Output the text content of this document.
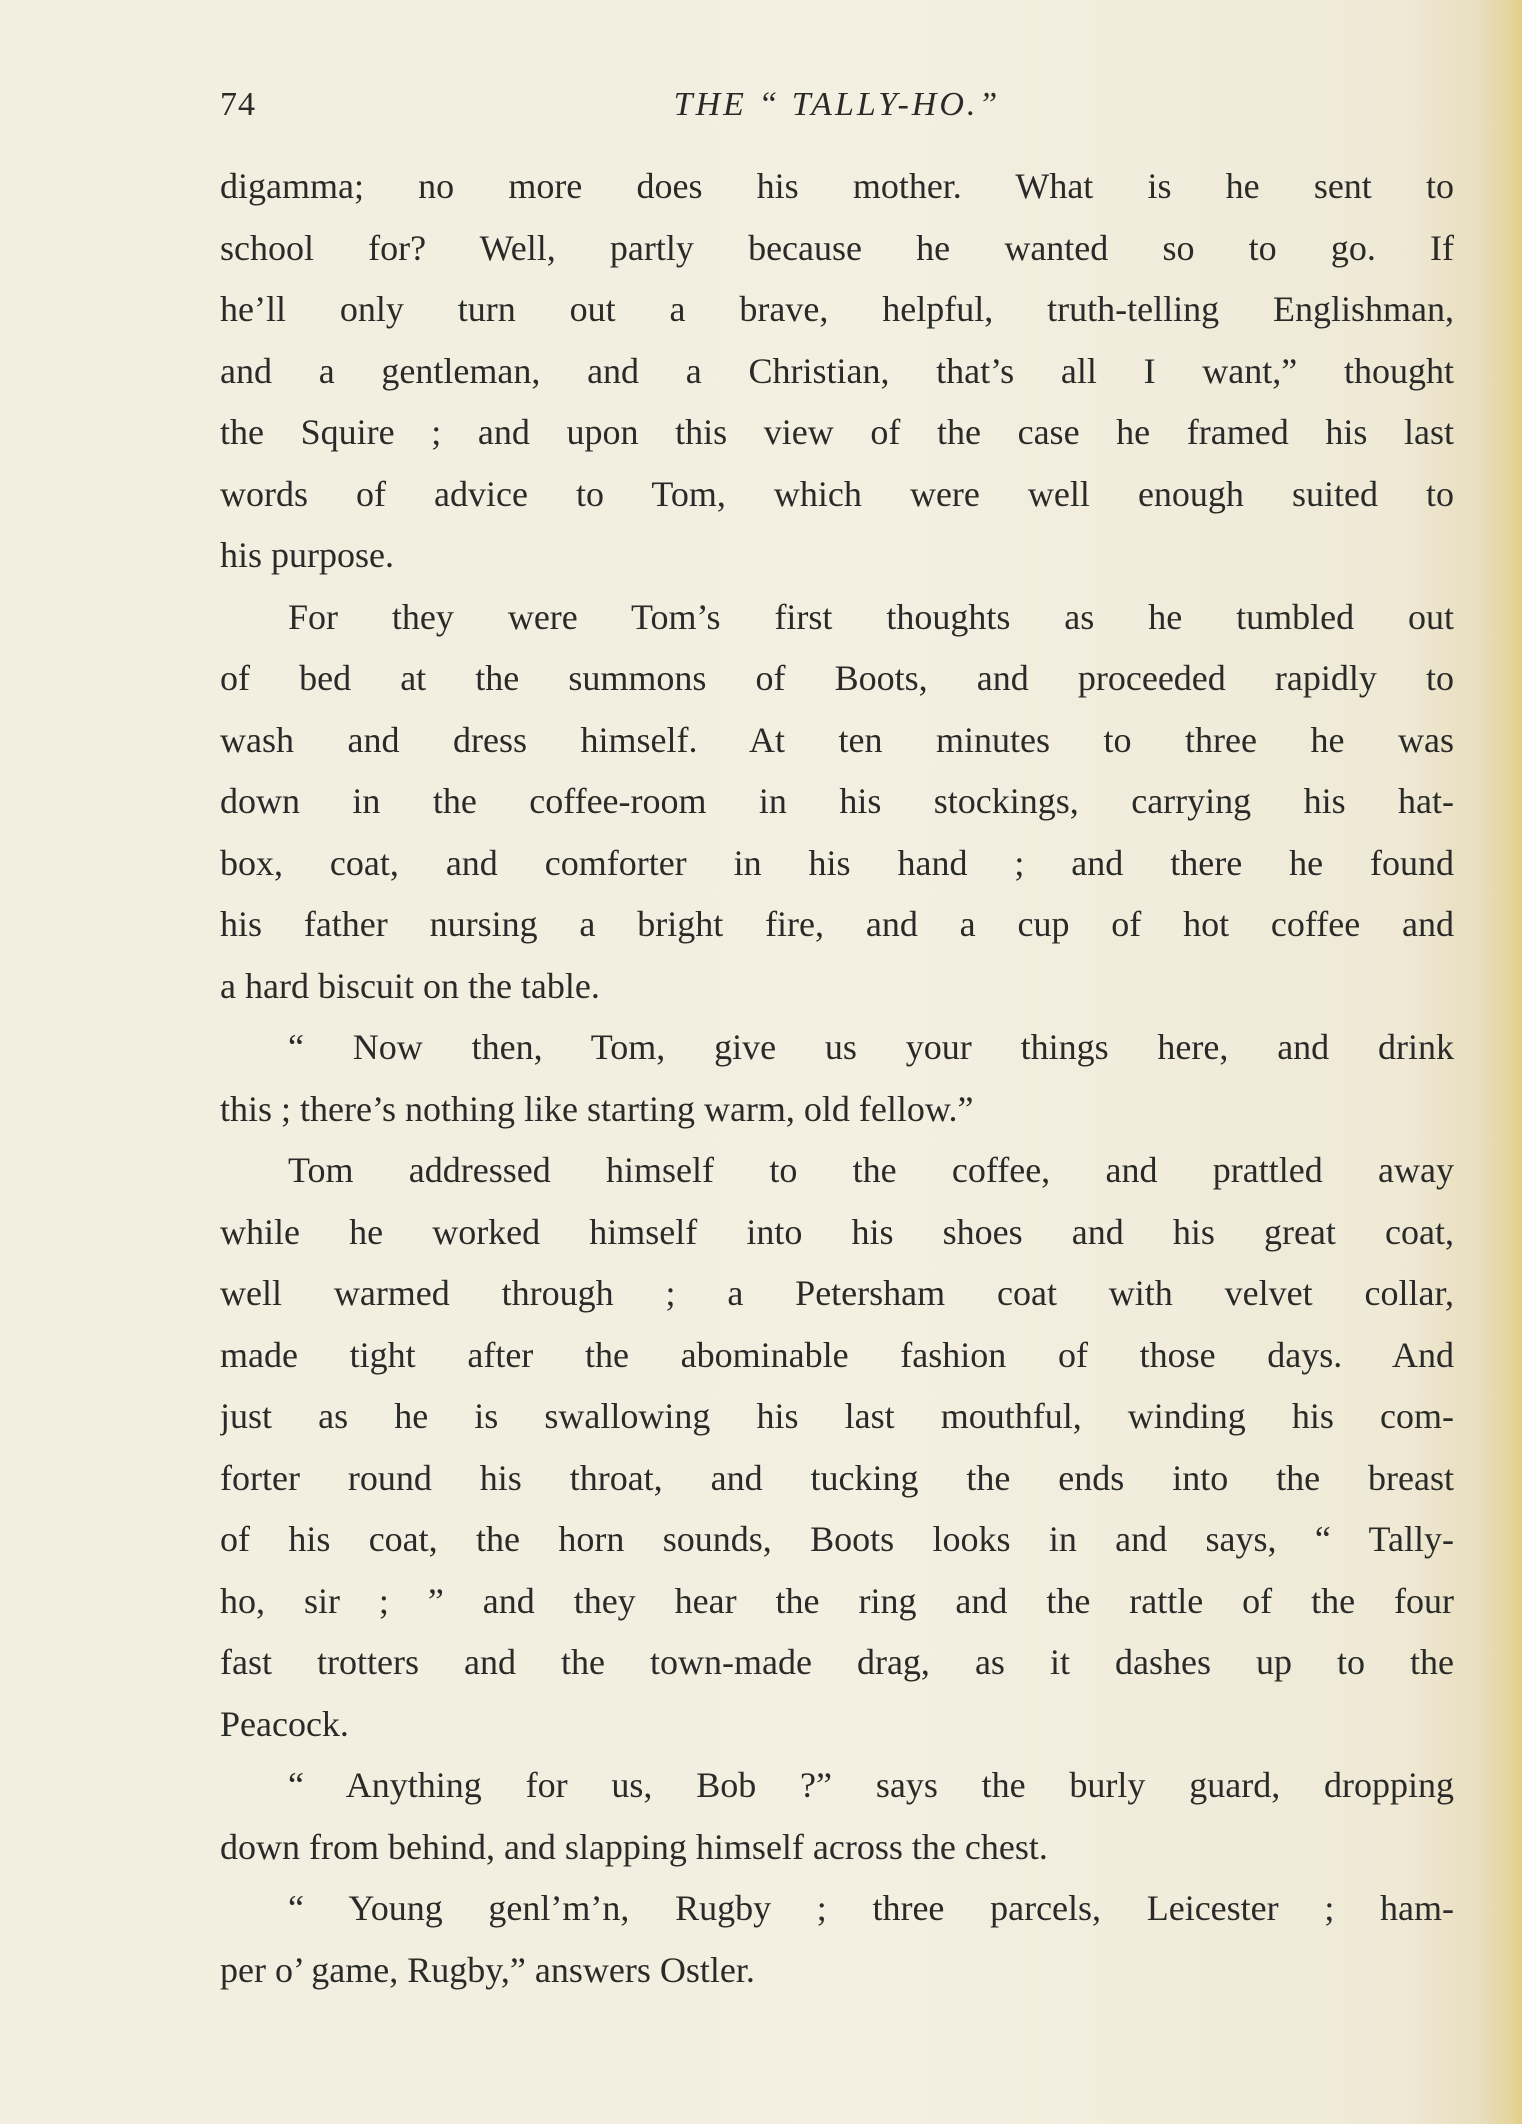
74	THE “ TALLY-HO.”
digamma; no more does his mother. What is he sent to
school for? Well, partly because he wanted so to go. If
he’ll only turn out a brave, helpful, truth-telling Englishman,
and a gentleman, and a Christian, that’s all I want,” thought
the Squire ; and upon this view of the case he framed his last
words of advice to Tom, which were well enough suited to
his purpose.
For they were Tom’s first thoughts as he tumbled out
of bed at the summons of Boots, and proceeded rapidly to
wash and dress himself. At ten minutes to three he was
down in the coffee-room in his stockings, carrying his hat-
box, coat, and comforter in his hand ; and there he found
his father nursing a bright fire, and a cup of hot coffee and
a hard biscuit on the table.
“ Now then, Tom, give us your things here, and drink
this ; there’s nothing like starting warm, old fellow.”
Tom addressed himself to the coffee, and prattled away
while he worked himself into his shoes and his great coat,
well warmed through ; a Petersham coat with velvet collar,
made tight after the abominable fashion of those days. And
just as he is swallowing his last mouthful, winding his com-
forter round his throat, and tucking the ends into the breast
of his coat, the horn sounds, Boots looks in and says, “ Tally-
ho, sir ; ” and they hear the ring and the rattle of the four
fast trotters and the town-made drag, as it dashes up to the
Peacock.
“ Anything for us, Bob ?” says the burly guard, dropping
down from behind, and slapping himself across the chest.
“ Young genl’m’n, Rugby ; three parcels, Leicester ; ham-
per o’ game, Rugby,” answers Ostler.
